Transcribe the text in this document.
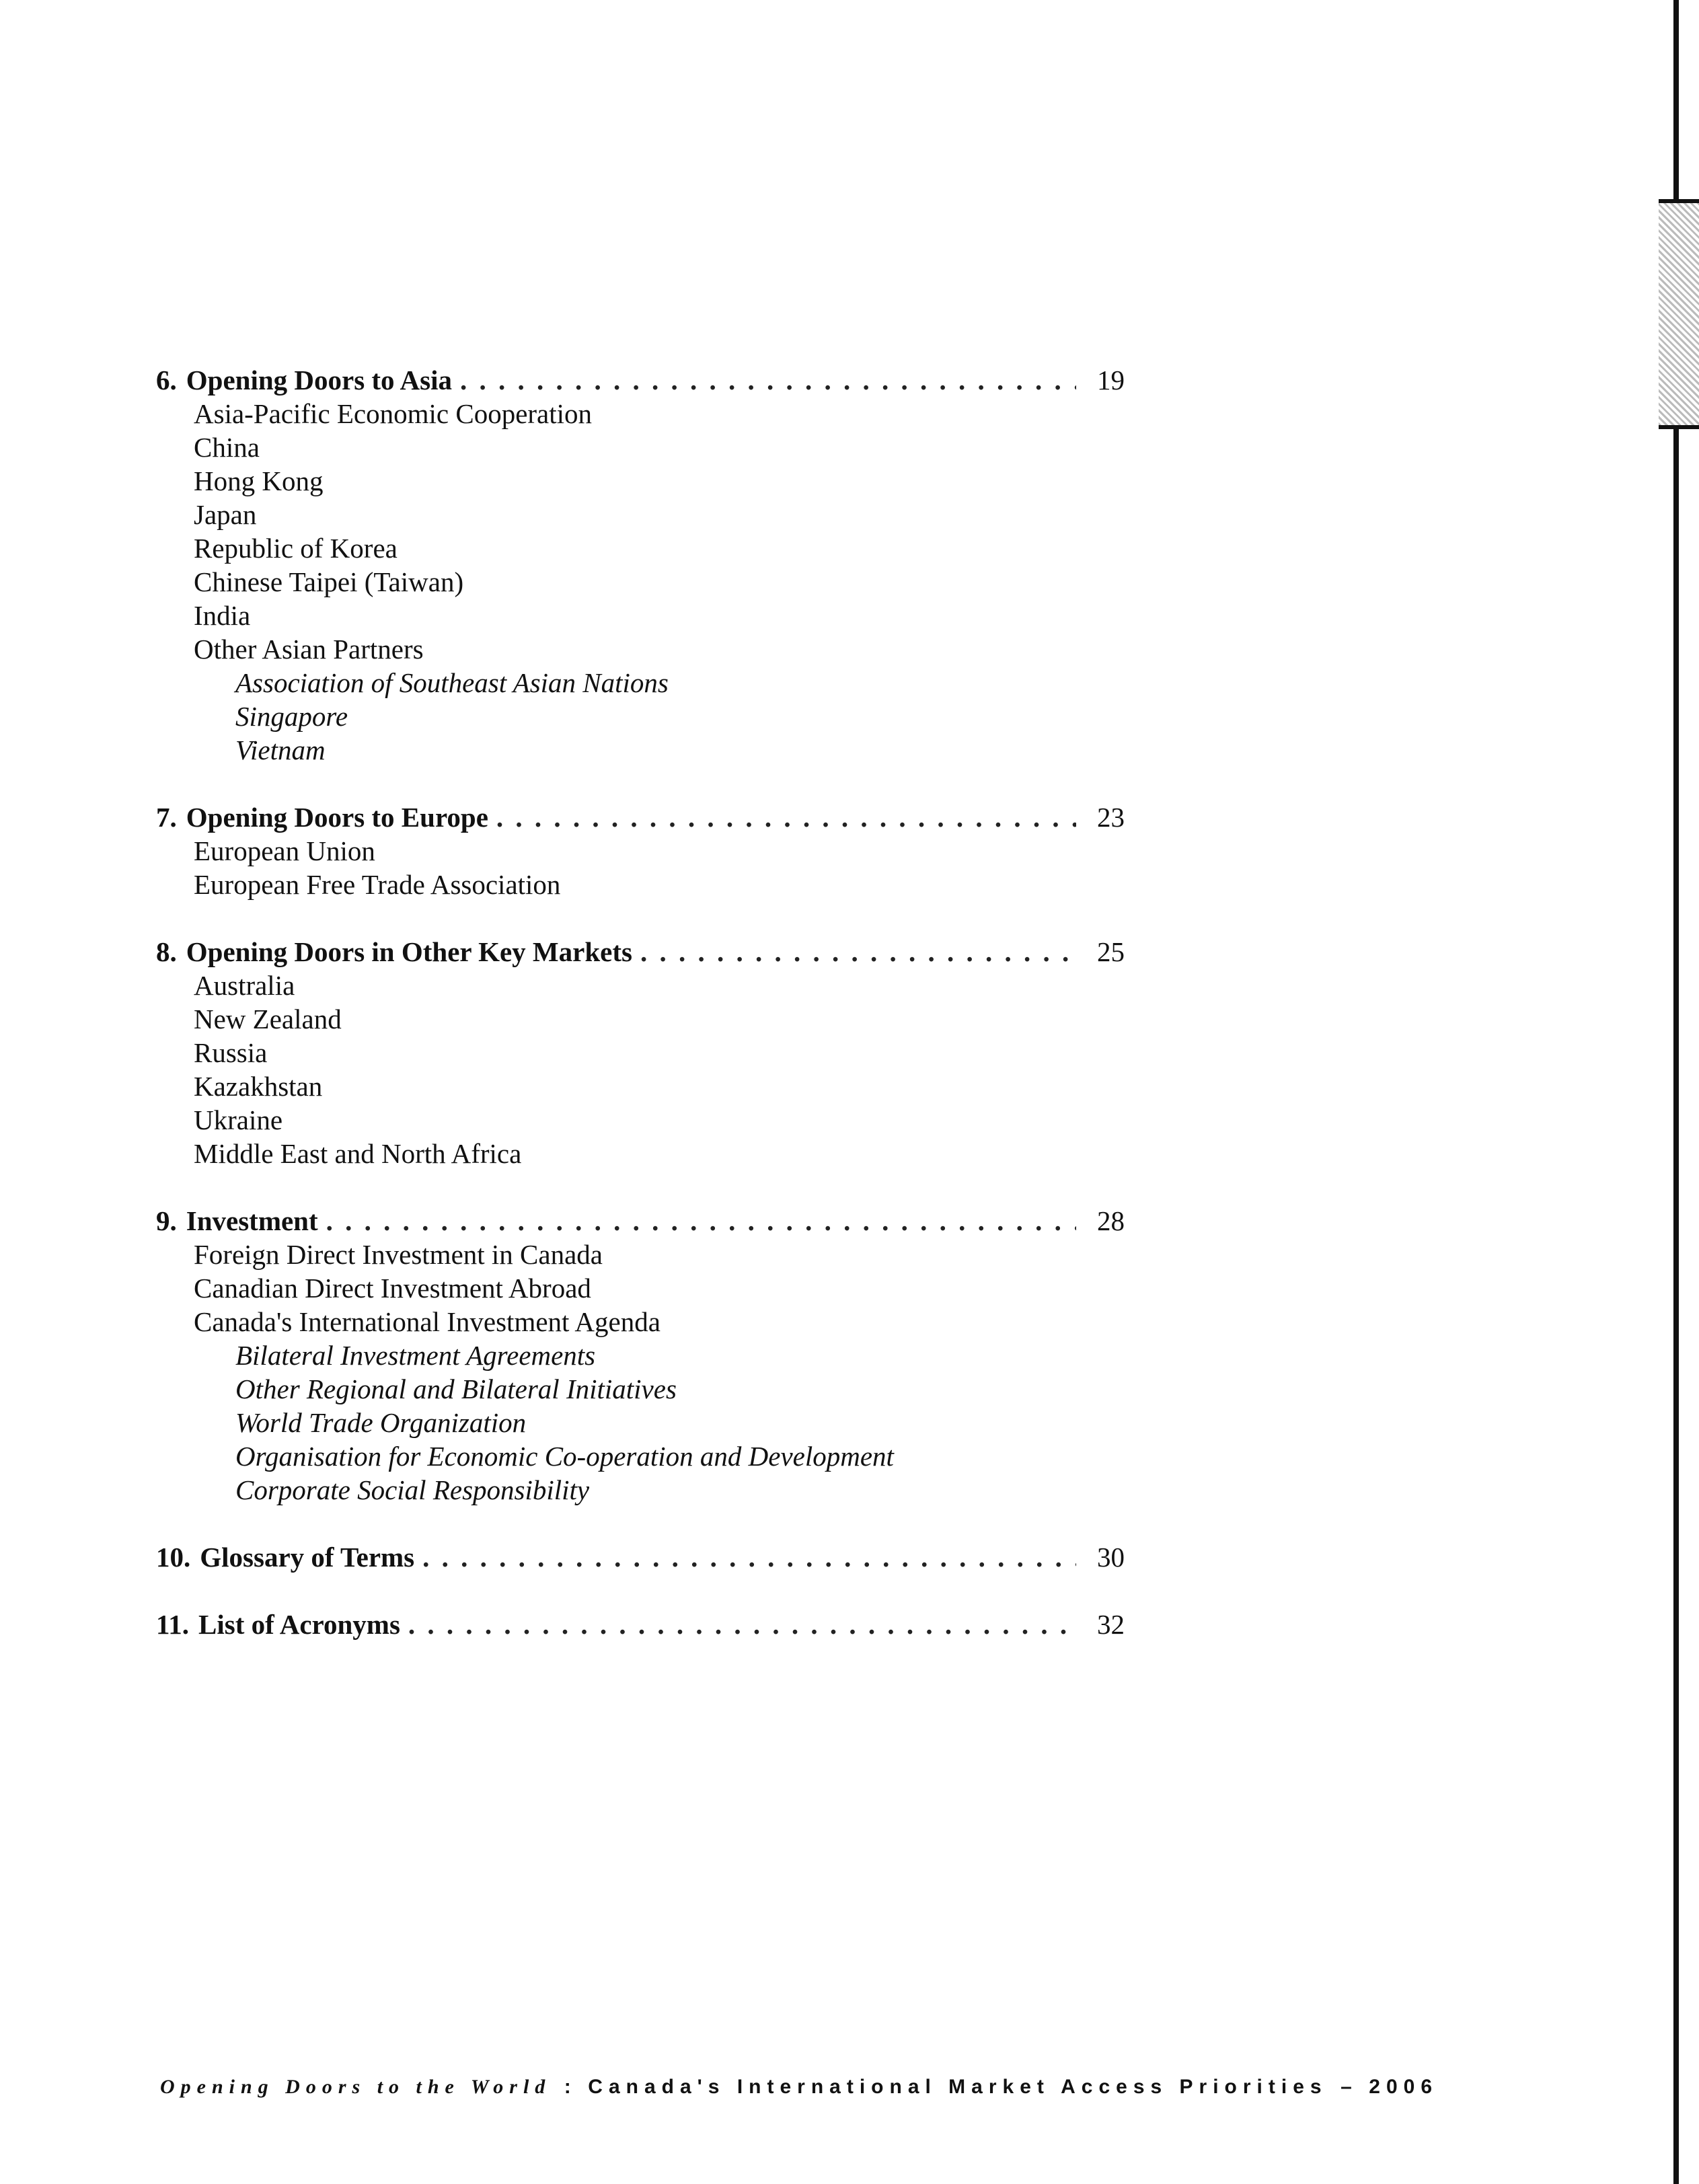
6. Opening Doors to Asia . . .	19
Asia-Pacific Economic Cooperation
China
Hong Kong
Japan
Republic of Korea
Chinese Taipei (Taiwan)
India
Other Asian Partners
Association of Southeast Asian Nations
Singapore
Vietnam
7. Opening Doors to Europe . . .	23
European Union
European Free Trade Association
8. Opening Doors in Other Key Markets . . .	25
Australia
New Zealand
Russia
Kazakhstan
Ukraine
Middle East and North Africa
9. Investment . . .	28
Foreign Direct Investment in Canada
Canadian Direct Investment Abroad
Canada's International Investment Agenda
Bilateral Investment Agreements
Other Regional and Bilateral Initiatives
World Trade Organization
Organisation for Economic Co-operation and Development
Corporate Social Responsibility
10. Glossary of Terms . . .	30
11. List of Acronyms . . .	32
Opening Doors to the World : Canada's International Market Access Priorities – 2006
